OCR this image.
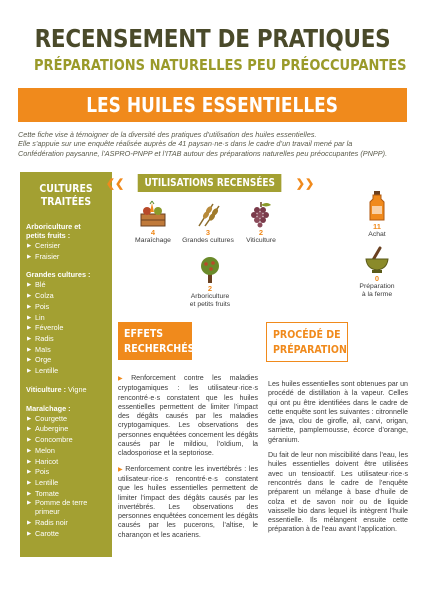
RECENSEMENT DE PRATIQUES
PRÉPARATIONS NATURELLES PEU PRÉOCCUPANTES
LES HUILES ESSENTIELLES
Cette fiche vise à témoigner de la diversité des pratiques d’utilisation des huiles essentielles.
Elle s’appuie sur une enquête réalisée auprès de 41 paysan·ne·s dans le cadre d’un travail mené par la
Confédération paysanne, l’ASPRO-PNPP et l’ITAB autour des préparations naturelles peu préoccupantes (PNPP).
CULTURES
TRAITÉES
Arboriculture et
petits fruits :
▶ Cerisier
▶ Fraisier
Grandes cultures :
▶ Blé
▶ Colza
▶ Pois
▶ Lin
▶ Féverole
▶ Radis
▶ Maïs
▶ Orge
▶ Lentille
Viticulture : Vigne
Maraîchage :
▶ Courgette
▶ Aubergine
▶ Concombre
▶ Melon
▶ Haricot
▶ Pois
▶ Lentille
▶ Tomate
▶ Pomme de terre primeur
▶ Radis noir
▶ Carotte
❮❮	UTILISATIONS RECENSÉES	❯❯
4
Maraîchage
3
Grandes cultures
2
Viticulture
2
Arboriculture
et petits fruits
11
Achat
0
Préparation
à la ferme
EFFETS
RECHERCHÉS
PROCÉDÉ DE
PRÉPARATION

▶ Renforcement contre les maladies cryptogamiques : les utilisateur·rice·s rencontré·e·s constatent que les huiles essentielles permettent de limiter l’impact des dégâts causés par les maladies cryptogamiques. Les observations des personnes enquêtées concernent les dégâts causés par le mildiou, l’oïdium, la cladosporiose et la septoriose.

▶ Renforcement contre les invertébrés : les utilisateur·rice·s rencontré·e·s constatent que les huiles essentielles permettent de limiter l’impact des dégâts causés par les invertébrés. Les observations des personnes enquêtées concernent les dégâts causés par les pucerons, l’altise, le charançon et les acariens.

Les huiles essentielles sont obtenues par un procédé de distillation à la vapeur. Celles qui ont pu être identifiées dans le cadre de cette enquête sont les suivantes : citronnelle de java, clou de girofle, ail, carvi, origan, sarriette, pamplemousse, écorce d’orange, géranium.

Du fait de leur non miscibilité dans l’eau, les huiles essentielles doivent être utilisées avec un tensioactif. Les utilisateur·rice·s rencontrés dans le cadre de l’enquête préparent un mélange à base d’huile de colza et de savon noir ou de liquide vaisselle bio dans lequel ils intègrent l’huile essentielle. Ils mélangent ensuite cette préparation à de l’eau avant l’application.
